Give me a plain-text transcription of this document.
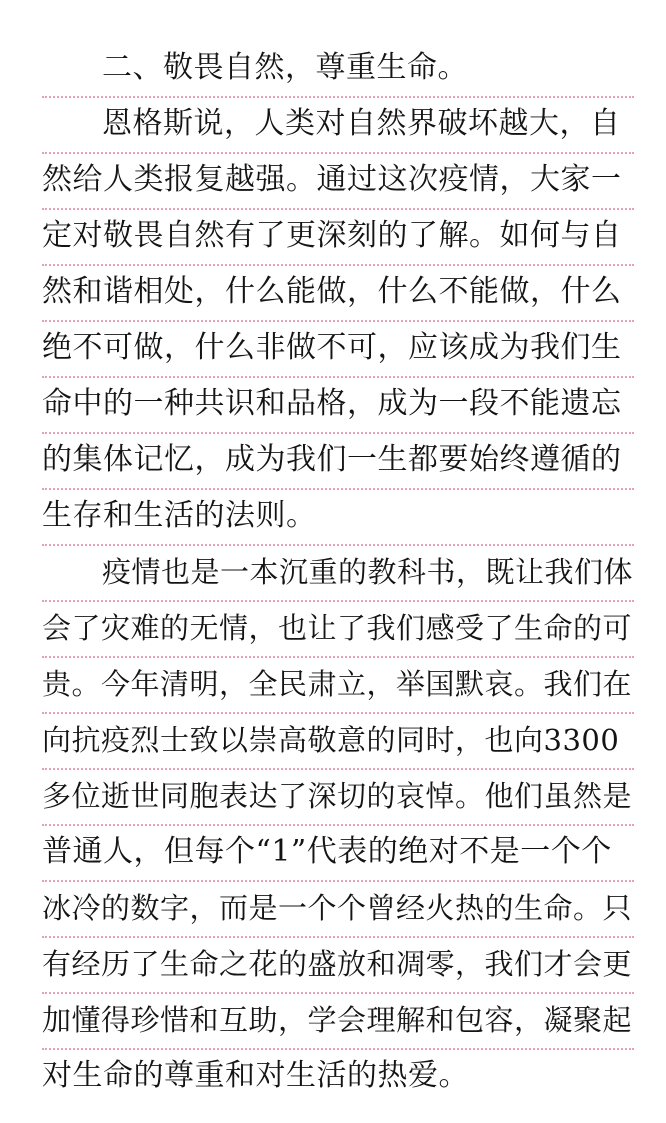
二、敬畏自然，尊重生命。
恩格斯说，人类对自然界破坏越大，自
然给人类报复越强。通过这次疫情，大家一
定对敬畏自然有了更深刻的了解。如何与自
然和谐相处，什么能做，什么不能做，什么
绝不可做，什么非做不可，应该成为我们生
命中的一种共识和品格，成为一段不能遗忘
的集体记忆，成为我们一生都要始终遵循的
生存和生活的法则。
疫情也是一本沉重的教科书，既让我们体
会了灾难的无情，也让了我们感受了生命的可
贵。今年清明，全民肃立，举国默哀。我们在
向抗疫烈士致以崇高敬意的同时，也向3300
多位逝世同胞表达了深切的哀悼。他们虽然是
普通人，但每个“1”代表的绝对不是一个个
冰冷的数字，而是一个个曾经火热的生命。只
有经历了生命之花的盛放和凋零，我们才会更
加懂得珍惜和互助，学会理解和包容，凝聚起
对生命的尊重和对生活的热爱。
